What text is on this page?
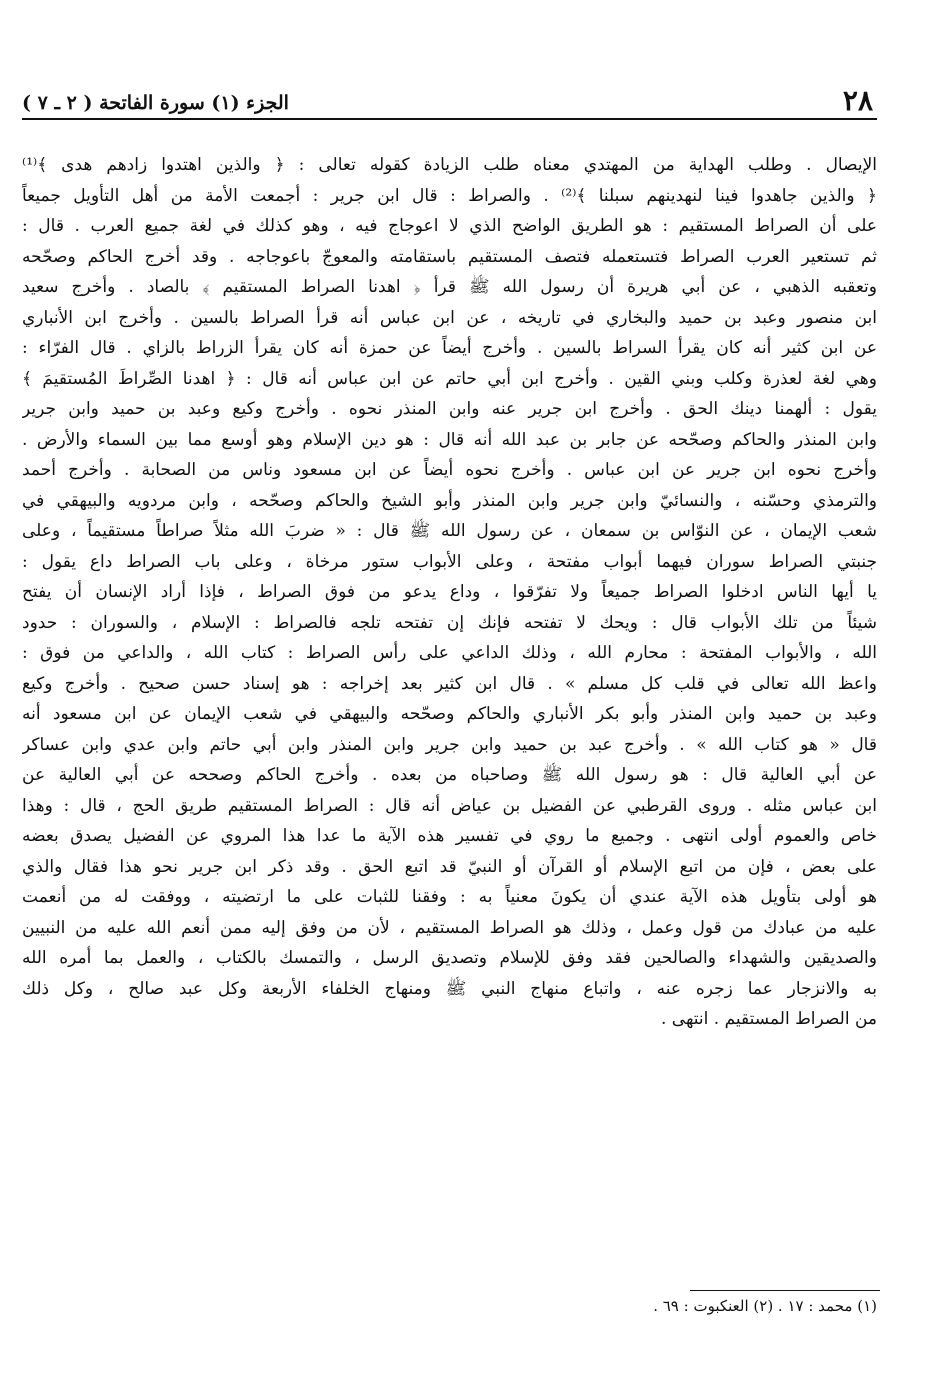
٢٨
الجزء (١) سورة الفاتحة ( ٢ ـ ٧ )
الإيصال . وطلب الهداية من المهتدي معناه طلب الزيادة كقوله تعالى : ﴿ والذين اهتدوا زادهم هدى ﴾⁽¹⁾
﴿ والذين جاهدوا فينا لنهدينهم سبلنا ﴾⁽²⁾ . والصراط : قال ابن جرير : أجمعت الأمة من أهل التأويل جميعاً
على أن الصراط المستقيم : هو الطريق الواضح الذي لا اعوجاج فيه ، وهو كذلك في لغة جميع العرب . قال :
ثم تستعير العرب الصراط فتستعمله فتصف المستقيم باستقامته والمعوجّ باعوجاجه . وقد أخرج الحاكم وصحّحه
وتعقبه الذهبي ، عن أبي هريرة أن رسول الله ﷺ قرأ ﴿ اهدنا الصراط المستقيم ﴾ بالصاد . وأخرج سعيد
ابن منصور وعبد بن حميد والبخاري في تاريخه ، عن ابن عباس أنه قرأ الصراط بالسين . وأخرج ابن الأنباري
عن ابن كثير أنه كان يقرأ السراط بالسين . وأخرج أيضاً عن حمزة أنه كان يقرأ الزراط بالزاي . قال الفرّاء :
وهي لغة لعذرة وكلب وبني القين . وأخرج ابن أبي حاتم عن ابن عباس أنه قال : ﴿ اهدنا الصِّراطَ المُستقيمَ ﴾
يقول : ألهمنا دينك الحق . وأخرج ابن جرير عنه وابن المنذر نحوه . وأخرج وكيع وعبد بن حميد وابن جرير
وابن المنذر والحاكم وصحّحه عن جابر بن عبد الله أنه قال : هو دين الإسلام وهو أوسع مما بين السماء والأرض .
وأخرج نحوه ابن جرير عن ابن عباس . وأخرج نحوه أيضاً عن ابن مسعود وناس من الصحابة . وأخرج أحمد
والترمذي وحسّنه ، والنسائيّ وابن جرير وابن المنذر وأبو الشيخ والحاكم وصحّحه ، وابن مردويه والبيهقي في
شعب الإيمان ، عن النوّاس بن سمعان ، عن رسول الله ﷺ قال : « ضربَ الله مثلاً صراطاً مستقيماً ، وعلى
جنبتي الصراط سوران فيهما أبواب مفتحة ، وعلى الأبواب ستور مرخاة ، وعلى باب الصراط داع يقول :
يا أيها الناس ادخلوا الصراط جميعاً ولا تفرّقوا ، وداع يدعو من فوق الصراط ، فإذا أراد الإنسان أن يفتح
شيئاً من تلك الأبواب قال : ويحك لا تفتحه فإنك إن تفتحه تلجه فالصراط : الإسلام ، والسوران : حدود
الله ، والأبواب المفتحة : محارم الله ، وذلك الداعي على رأس الصراط : كتاب الله ، والداعي من فوق :
واعظ الله تعالى في قلب كل مسلم » . قال ابن كثير بعد إخراجه : هو إسناد حسن صحيح . وأخرج وكيع
وعبد بن حميد وابن المنذر وأبو بكر الأنباري والحاكم وصحّحه والبيهقي في شعب الإيمان عن ابن مسعود أنه
قال « هو كتاب الله » . وأخرج عبد بن حميد وابن جرير وابن المنذر وابن أبي حاتم وابن عدي وابن عساكر
عن أبي العالية قال : هو رسول الله ﷺ وصاحباه من بعده . وأخرج الحاكم وصححه عن أبي العالية عن
ابن عباس مثله . وروى القرطبي عن الفضيل بن عياض أنه قال : الصراط المستقيم طريق الحج ، قال : وهذا
خاص والعموم أولى انتهى . وجميع ما روي في تفسير هذه الآية ما عدا هذا المروي عن الفضيل يصدق بعضه
على بعض ، فإن من اتبع الإسلام أو القرآن أو النبيّ قد اتبع الحق . وقد ذكر ابن جرير نحو هذا فقال والذي
هو أولى بتأويل هذه الآية عندي أن يكونَ معنياً به : وفقنا للثبات على ما ارتضيته ، ووفقت له من أنعمت
عليه من عبادك من قول وعمل ، وذلك هو الصراط المستقيم ، لأن من وفق إليه ممن أنعم الله عليه من النبيين
والصديقين والشهداء والصالحين فقد وفق للإسلام وتصديق الرسل ، والتمسك بالكتاب ، والعمل بما أمره الله
به والانزجار عما زجره عنه ، واتباع منهاج النبي ﷺ ومنهاج الخلفاء الأربعة وكل عبد صالح ، وكل ذلك
من الصراط المستقيم . انتهى .
(١) محمد : ١٧ . (٢) العنكبوت : ٦٩ .
